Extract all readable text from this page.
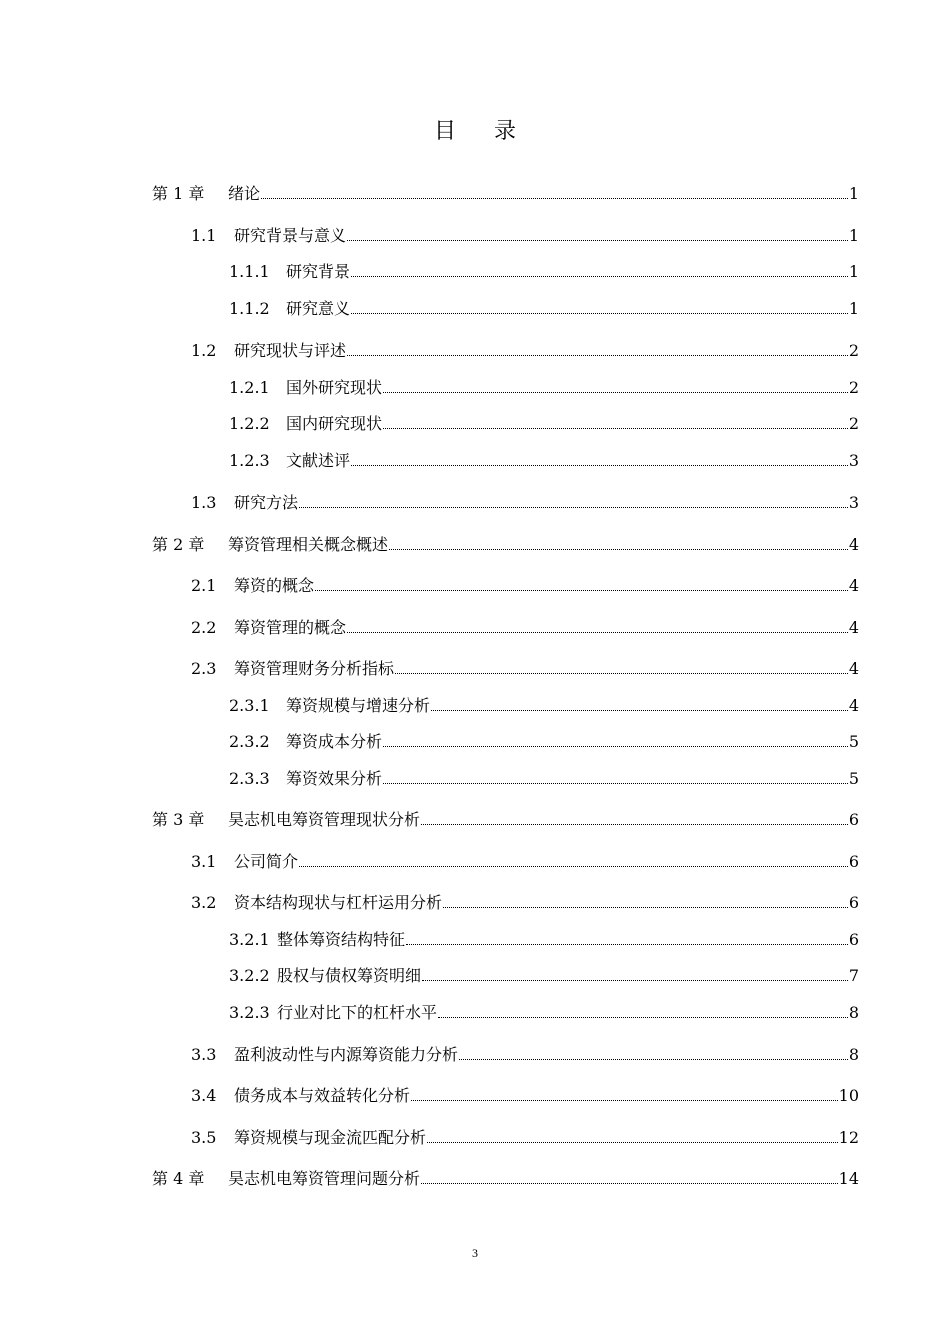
目 录
第 1 章	绪论	1
1.1	研究背景与意义	1
1.1.1	研究背景	1
1.1.2	研究意义	1
1.2	研究现状与评述	2
1.2.1	国外研究现状	2
1.2.2	国内研究现状	2
1.2.3	文献述评	3
1.3	研究方法	3
第 2 章	筹资管理相关概念概述	4
2.1	筹资的概念	4
2.2	筹资管理的概念	4
2.3	筹资管理财务分析指标	4
2.3.1	筹资规模与增速分析	4
2.3.2	筹资成本分析	5
2.3.3	筹资效果分析	5
第 3 章	昊志机电筹资管理现状分析	6
3.1	公司简介	6
3.2	资本结构现状与杠杆运用分析	6
3.2.1 整体筹资结构特征	6
3.2.2 股权与债权筹资明细	7
3.2.3 行业对比下的杠杆水平	8
3.3	盈利波动性与内源筹资能力分析	8
3.4	债务成本与效益转化分析	10
3.5	筹资规模与现金流匹配分析	12
第 4 章	昊志机电筹资管理问题分析	14
3
